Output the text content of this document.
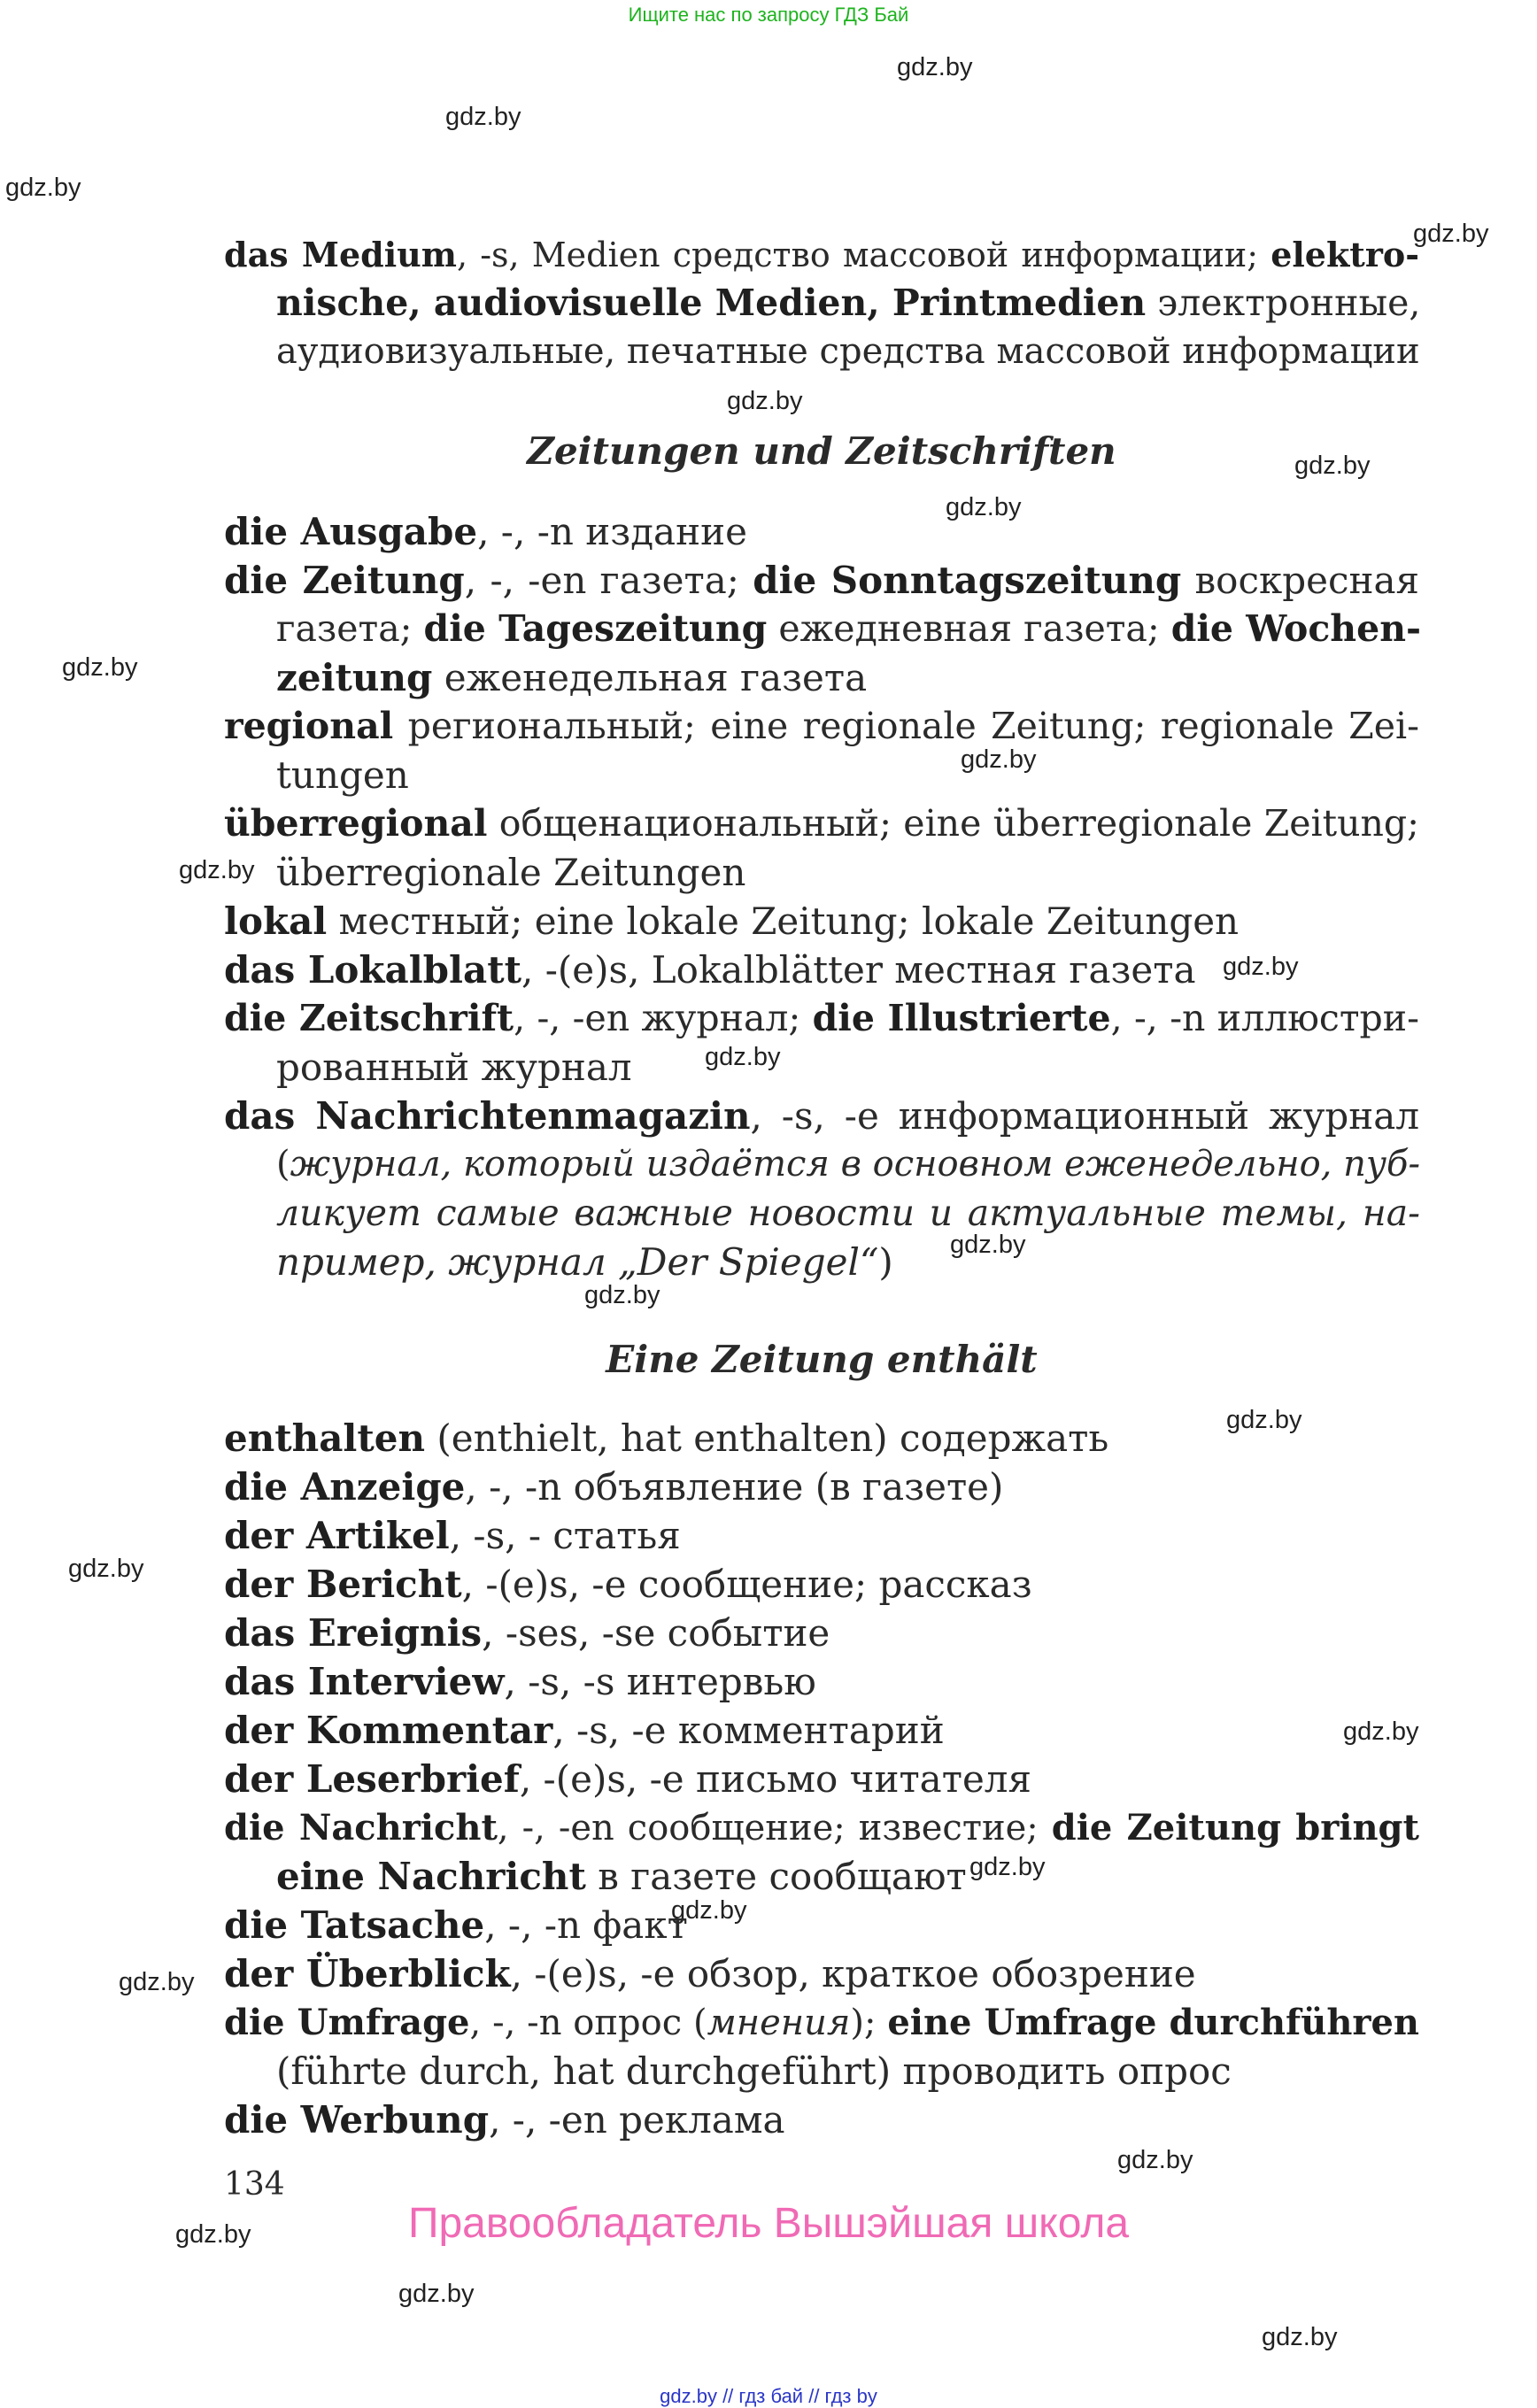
Ищите нас по запросу ГДЗ Бай
gdz.by
gdz.by
gdz.by
gdz.by
gdz.by
gdz.by
gdz.by
gdz.by
gdz.by
gdz.by
gdz.by
gdz.by
gdz.by
gdz.by
gdz.by
gdz.by
gdz.by
gdz.by
gdz.by
gdz.by
gdz.by
gdz.by
gdz.by
gdz.by
das Medium, -s, Medien средство массовой информации; elektro-
nische, audiovisuelle Medien, Printmedien электронные,
аудиовизуальные, печатные средства массовой информации
Zeitungen und Zeitschriften
die Ausgabe, -, -n издание
die Zeitung, -, -en газета; die Sonntagszeitung воскресная
газета; die Tageszeitung ежедневная газета; die Wochen-
zeitung еженедельная газета
regional региональный; eine regionale Zeitung; regionale Zei-
tungen
überregional общенациональный; eine überregionale Zeitung;
überregionale Zeitungen
lokal местный; eine lokale Zeitung; lokale Zeitungen
das Lokalblatt, -(e)s, Lokalblätter местная газета
die Zeitschrift, -, -en журнал; die Illustrierte, -, -n иллюстри-
рованный журнал
das Nachrichtenmagazin, -s, -e информационный журнал
(журнал, который издаётся в основном еженедельно, пуб-
ликует самые важные новости и актуальные темы, на-
пример, журнал „Der Spiegel“)
Eine Zeitung enthält
enthalten (enthielt, hat enthalten) содержать
die Anzeige, -, -n объявление (в газете)
der Artikel, -s, - статья
der Bericht, -(e)s, -e сообщение; рассказ
das Ereignis, -ses, -se событие
das Interview, -s, -s интервью
der Kommentar, -s, -e комментарий
der Leserbrief, -(e)s, -e письмо читателя
die Nachricht, -, -en сообщение; известие; die Zeitung bringt
eine Nachricht в газете сообщают
die Tatsache, -, -n факт
der Überblick, -(e)s, -e обзор, краткое обозрение
die Umfrage, -, -n опрос (мнения); eine Umfrage durchführen
(führte durch, hat durchgeführt) проводить опрос
die Werbung, -, -en реклама
134
Правообладатель Вышэйшая школа
gdz.by // гдз бай // гдз by
